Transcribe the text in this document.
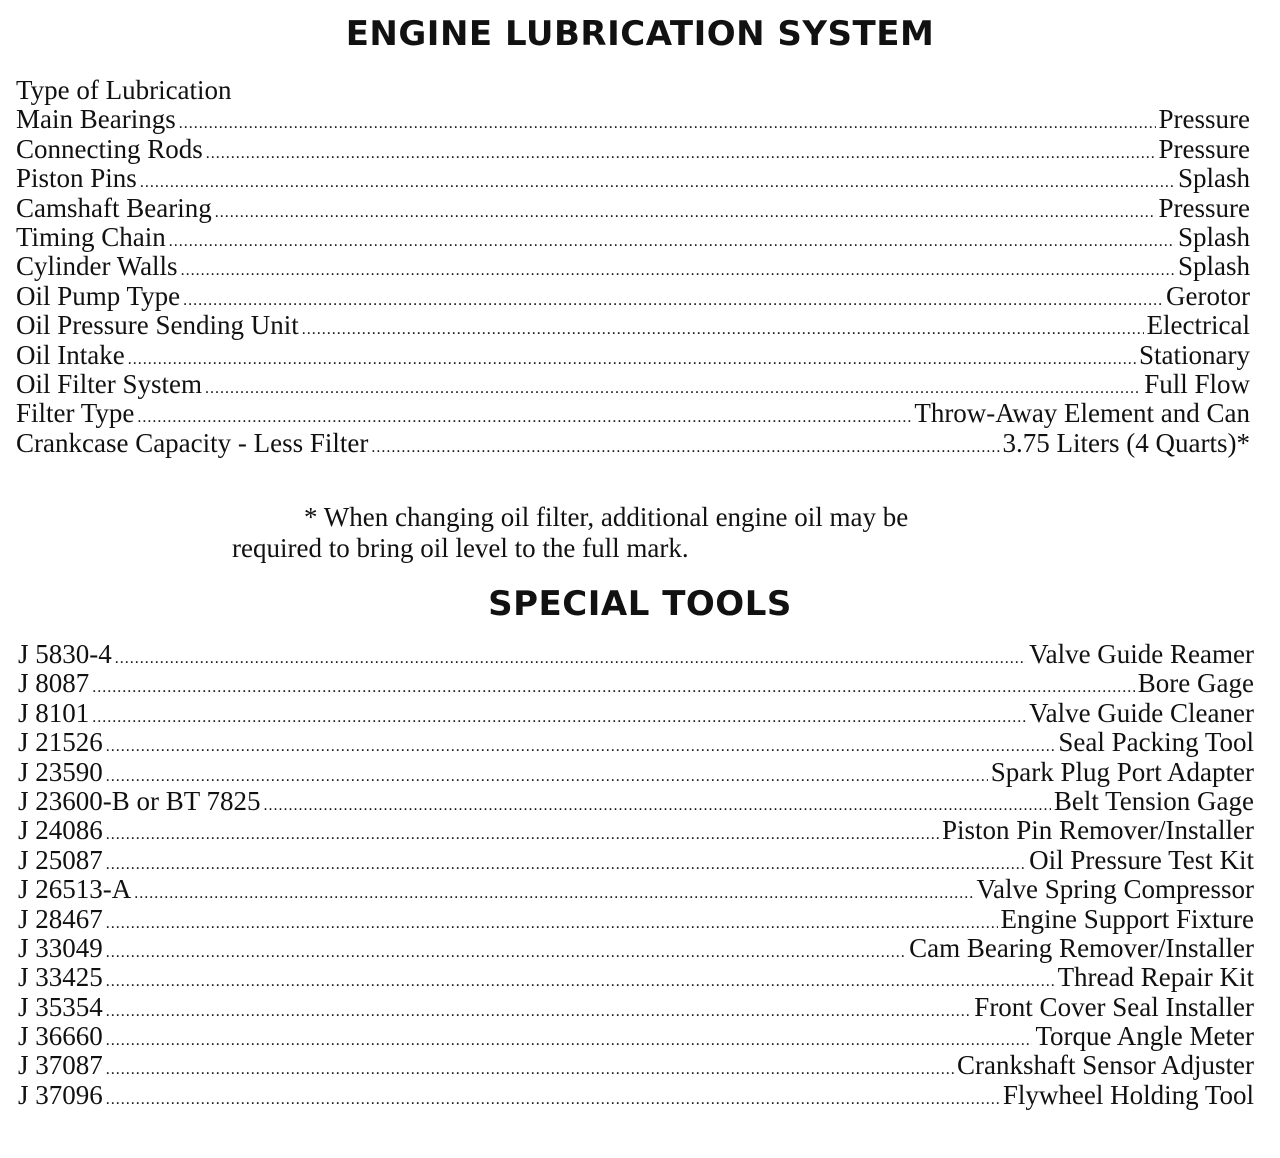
ENGINE LUBRICATION SYSTEM
Type of Lubrication
Main Bearings .....	Pressure
Connecting Rods .....	Pressure
Piston Pins .....	Splash
Camshaft Bearing .....	Pressure
Timing Chain .....	Splash
Cylinder Walls .....	Splash
Oil Pump Type .....	Gerotor
Oil Pressure Sending Unit .....	Electrical
Oil Intake .....	Stationary
Oil Filter System .....	Full Flow
Filter Type .....	Throw-Away Element and Can
Crankcase Capacity - Less Filter .....	3.75 Liters (4 Quarts)*
* When changing oil filter, additional engine oil may be
required to bring oil level to the full mark.
SPECIAL TOOLS
J 5830-4 .....	Valve Guide Reamer
J 8087 .....	Bore Gage
J 8101 .....	Valve Guide Cleaner
J 21526 .....	Seal Packing Tool
J 23590 .....	Spark Plug Port Adapter
J 23600-B or BT 7825 .....	Belt Tension Gage
J 24086 .....	Piston Pin Remover/Installer
J 25087 .....	Oil Pressure Test Kit
J 26513-A .....	Valve Spring Compressor
J 28467 .....	Engine Support Fixture
J 33049 .....	Cam Bearing Remover/Installer
J 33425 .....	Thread Repair Kit
J 35354 .....	Front Cover Seal Installer
J 36660 .....	Torque Angle Meter
J 37087 .....	Crankshaft Sensor Adjuster
J 37096 .....	Flywheel Holding Tool
